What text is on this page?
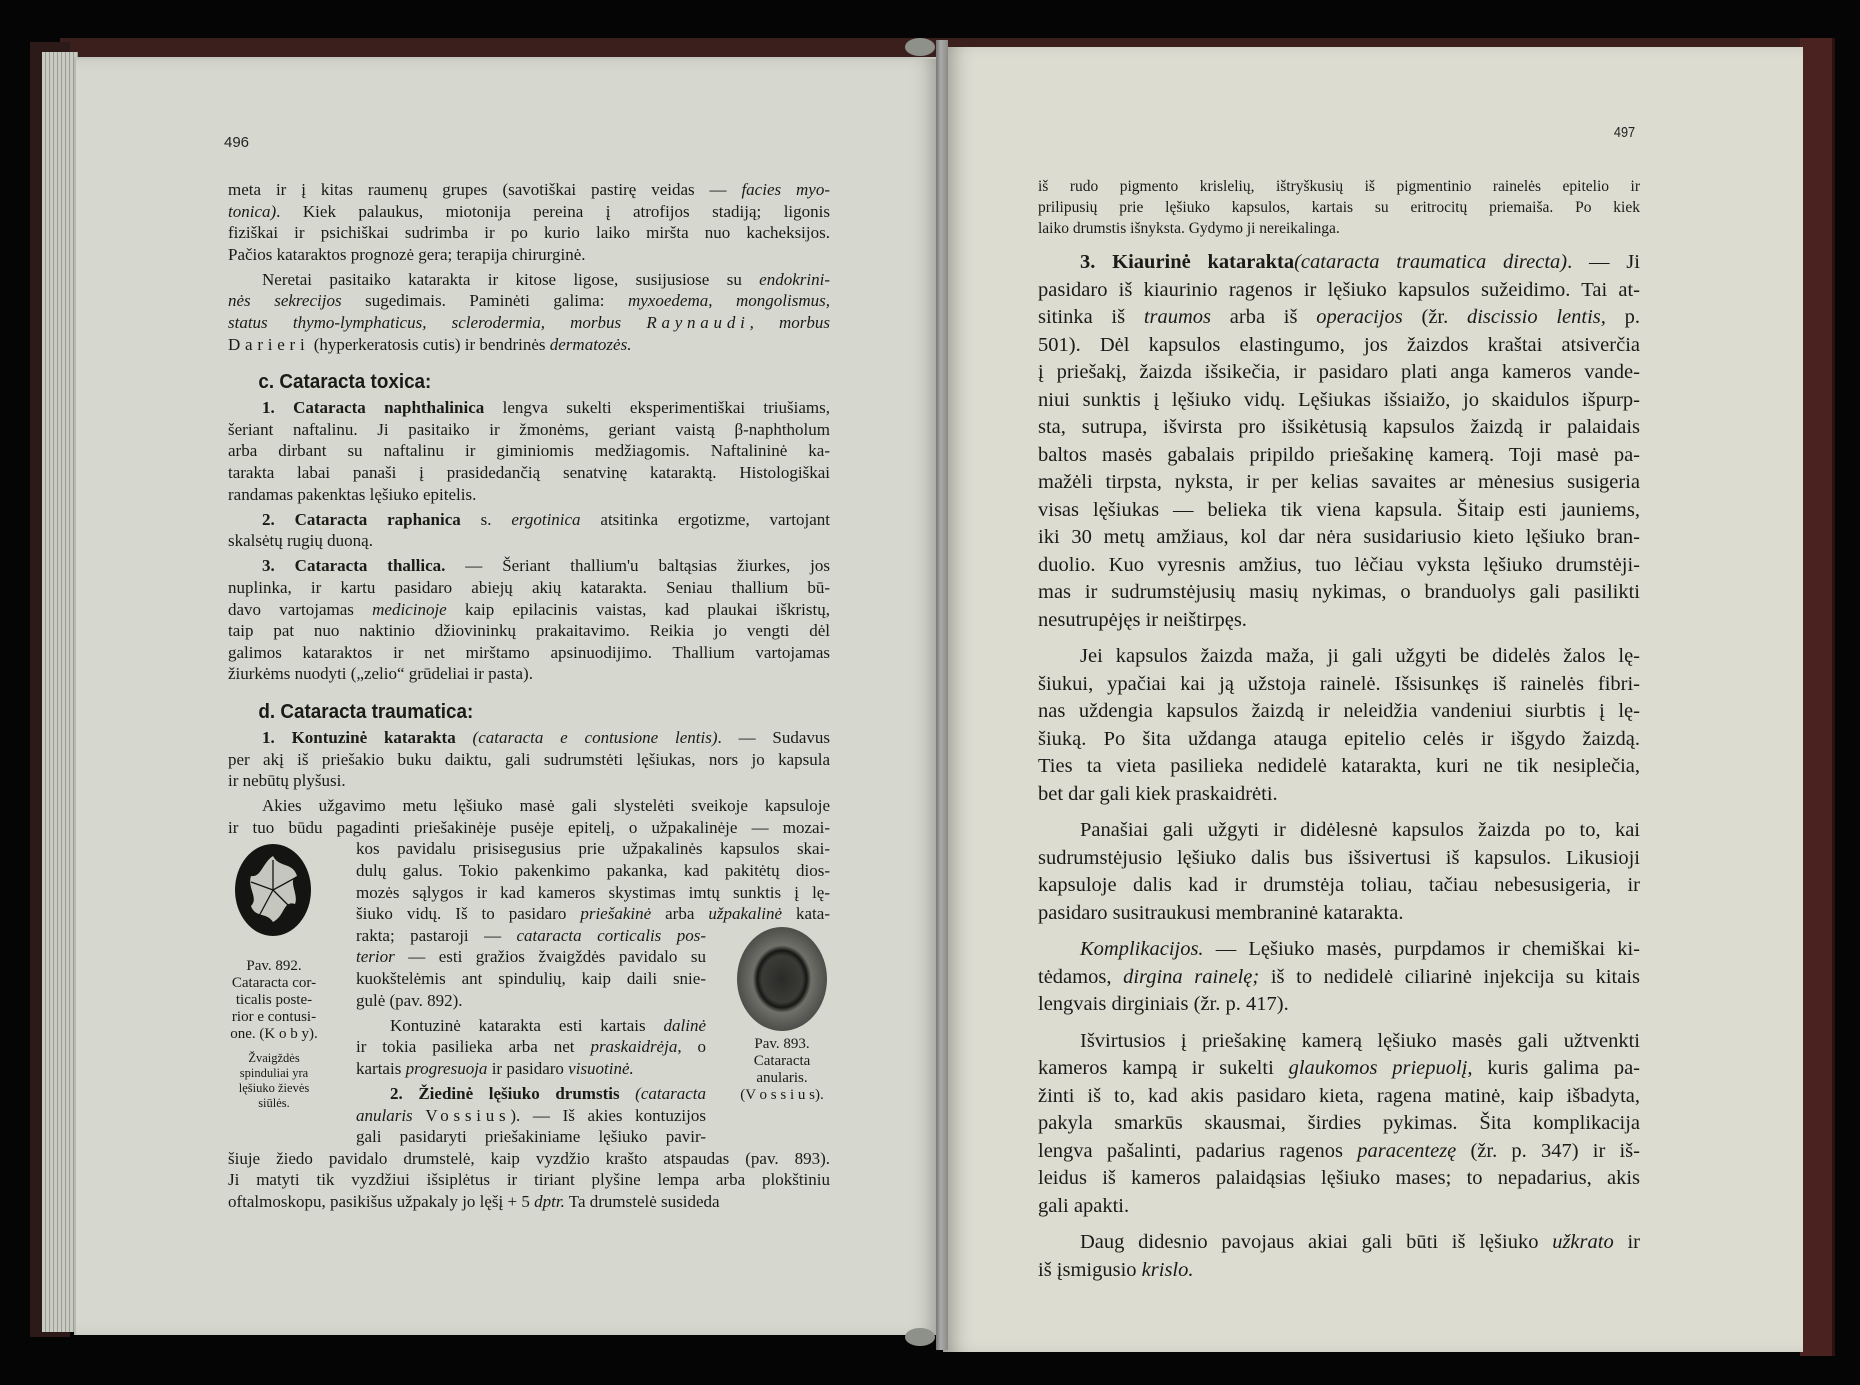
496
497
meta ir į kitas raumenų grupes (savotiškai pastirę veidas — facies myo-
tonica). Kiek palaukus, miotonija pereina į atrofijos stadiją; ligonis
fiziškai ir psichiškai sudrimba ir po kurio laiko miršta nuo kacheksijos.
Pačios kataraktos prognozė gera; terapija chirurginė.
Neretai pasitaiko katarakta ir kitose ligose, susijusiose su endokrini-
nės sekrecijos sugedimais. Paminėti galima: myxoedema, mongolismus,
status thymo-lymphaticus, sclerodermia, morbus Raynaudi, morbus
Darieri (hyperkeratosis cutis) ir bendrinės dermatozės.
c. Cataracta toxica:
1. Cataracta naphthalinica lengva sukelti eksperimentiškai triušiams,
šeriant naftalinu. Ji pasitaiko ir žmonėms, geriant vaistą β-naphtholum
arba dirbant su naftalinu ir giminiomis medžiagomis. Naftalininė ka-
tarakta labai panaši į prasidedančią senatvinę kataraktą. Histologiškai
randamas pakenktas lęšiuko epitelis.
2. Cataracta raphanica s. ergotinica atsitinka ergotizme, vartojant
skalsėtų rugių duoną.
3. Cataracta thallica. — Šeriant thallium'u baltąsias žiurkes, jos
nuplinka, ir kartu pasidaro abiejų akių katarakta. Seniau thallium bū-
davo vartojamas medicinoje kaip epilacinis vaistas, kad plaukai iškristų,
taip pat nuo naktinio džiovininkų prakaitavimo. Reikia jo vengti dėl
galimos kataraktos ir net mirštamo apsinuodijimo. Thallium vartojamas
žiurkėms nuodyti („zelio“ grūdeliai ir pasta).
d. Cataracta traumatica:
1. Kontuzinė katarakta (cataracta e contusione lentis). — Sudavus
per akį iš priešakio buku daiktu, gali sudrumstėti lęšiukas, nors jo kapsula
ir nebūtų plyšusi.
Akies užgavimo metu lęšiuko masė gali slystelėti sveikoje kapsuloje
ir tuo būdu pagadinti priešakinėje pusėje epitelį, o užpakalinėje — mozai-
kos pavidalu prisisegusius prie užpakalinės kapsulos skai-
dulų galus. Tokio pakenkimo pakanka, kad pakitėtų dios-
mozės sąlygos ir kad kameros skystimas imtų sunktis į lę-
šiuko vidų. Iš to pasidaro priešakinė arba užpakalinė kata-
rakta; pastaroji — cataracta corticalis pos-
terior — esti gražios žvaigždės pavidalo su
kuokštelėmis ant spindulių, kaip daili snie-
gulė (pav. 892).
Kontuzinė katarakta esti kartais dalinė
ir tokia pasilieka arba net praskaidrėja, o
kartais progresuoja ir pasidaro visuotinė.
2. Žiedinė lęšiuko drumstis (cataracta
anularis Vossius). — Iš akies kontuzijos
gali pasidaryti priešakiniame lęšiuko pavir-
šiuje žiedo pavidalo drumstelė, kaip vyzdžio krašto atspaudas (pav. 893).
Ji matyti tik vyzdžiui išsiplėtus ir tiriant plyšine lempa arba plokštiniu
oftalmoskopu, pasikišus užpakaly jo lęšį + 5 dptr. Ta drumstelė susideda
iš rudo pigmento krislelių, ištryškusių iš pigmentinio rainelės epitelio ir
prilipusių prie lęšiuko kapsulos, kartais su eritrocitų priemaiša. Po kiek
laiko drumstis išnyksta. Gydymo ji nereikalinga.
3. Kiaurinė katarakta(cataracta traumatica directa). — Ji
pasidaro iš kiaurinio ragenos ir lęšiuko kapsulos sužeidimo. Tai at-
sitinka iš traumos arba iš operacijos (žr. discissio lentis, p.
501). Dėl kapsulos elastingumo, jos žaizdos kraštai atsiverčia
į priešakį, žaizda išsikečia, ir pasidaro plati anga kameros vande-
niui sunktis į lęšiuko vidų. Lęšiukas išsiaižo, jo skaidulos išpurp-
sta, sutrupa, išvirsta pro išsikėtusią kapsulos žaizdą ir palaidais
baltos masės gabalais pripildo priešakinę kamerą. Toji masė pa-
mažėli tirpsta, nyksta, ir per kelias savaites ar mėnesius susigeria
visas lęšiukas — belieka tik viena kapsula. Šitaip esti jauniems,
iki 30 metų amžiaus, kol dar nėra susidariusio kieto lęšiuko bran-
duolio. Kuo vyresnis amžius, tuo lėčiau vyksta lęšiuko drumstėji-
mas ir sudrumstėjusių masių nykimas, o branduolys gali pasilikti
nesutrupėjęs ir neištirpęs.
Jei kapsulos žaizda maža, ji gali užgyti be didelės žalos lę-
šiukui, ypačiai kai ją užstoja rainelė. Išsisunkęs iš rainelės fibri-
nas uždengia kapsulos žaizdą ir neleidžia vandeniui siurbtis į lę-
šiuką. Po šita uždanga atauga epitelio celės ir išgydo žaizdą.
Ties ta vieta pasilieka nedidelė katarakta, kuri ne tik nesiplečia,
bet dar gali kiek praskaidrėti.
Panašiai gali užgyti ir didėlesnė kapsulos žaizda po to, kai
sudrumstėjusio lęšiuko dalis bus išsivertusi iš kapsulos. Likusioji
kapsuloje dalis kad ir drumstėja toliau, tačiau nebesusigeria, ir
pasidaro susitraukusi membraninė katarakta.
Komplikacijos. — Lęšiuko masės, purpdamos ir chemiškai ki-
tėdamos, dirgina rainelę; iš to nedidelė ciliarinė injekcija su kitais
lengvais dirginiais (žr. p. 417).
Išvirtusios į priešakinę kamerą lęšiuko masės gali užtvenkti
kameros kampą ir sukelti glaukomos priepuolį, kuris galima pa-
žinti iš to, kad akis pasidaro kieta, ragena matinė, kaip išbadyta,
pakyla smarkūs skausmai, širdies pykimas. Šita komplikacija
lengva pašalinti, padarius ragenos paracentezę (žr. p. 347) ir iš-
leidus iš kameros palaidąsias lęšiuko mases; to nepadarius, akis
gali apakti.
Daug didesnio pavojaus akiai gali būti iš lęšiuko užkrato ir
iš įsmigusio krislo.
Pav. 892.
Cataracta cor-
ticalis poste-
rior e contusi-
one. (K o b y).
Žvaigždės
spinduliai yra
lęšiuko žievės
siūlės.
Pav. 893.
Cataracta
anularis.
(V o s s i u s).
